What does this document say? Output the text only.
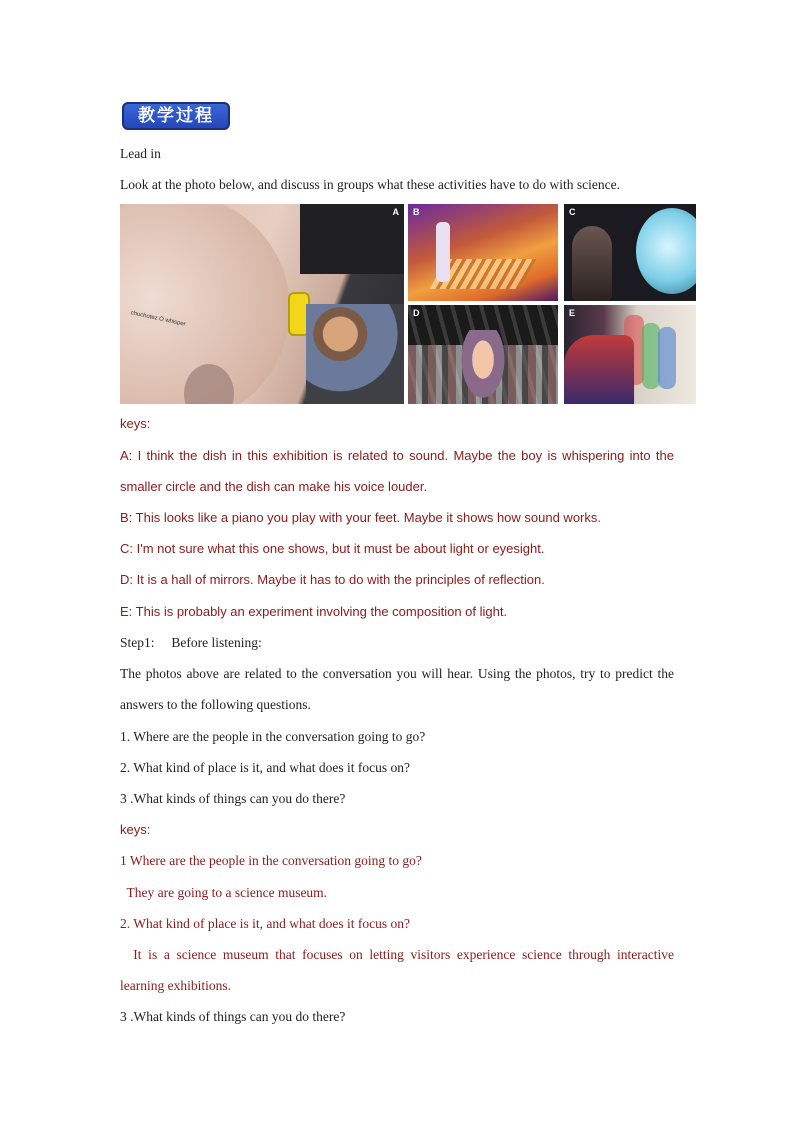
教学过程
Lead in
Look at the photo below, and discuss in groups what these activities have to do with science.
chuchotez O whisper
A B	C
D	E
keys:
A: I think the dish in this exhibition is related to sound. Maybe the boy is whispering into the
smaller circle and the dish can make his voice louder.
B: This looks like a piano you play with your feet. Maybe it shows how sound works.
C: I'm not sure what this one shows, but it must be about light or eyesight.
D: It is a hall of mirrors. Maybe it has to do with the principles of reflection.
E: This is probably an experiment involving the composition of light.
Step1:     Before listening:
The photos above are related to the conversation you will hear. Using the photos, try to predict the
answers to the following questions.
1. Where are the people in the conversation going to go?
2. What kind of place is it, and what does it focus on?
3 .What kinds of things can you do there?
keys:
1 Where are the people in the conversation going to go?
They are going to a science museum.
2. What kind of place is it, and what does it focus on?
It is a science museum that focuses on letting visitors experience science through interactive
learning exhibitions.
3 .What kinds of things can you do there?
